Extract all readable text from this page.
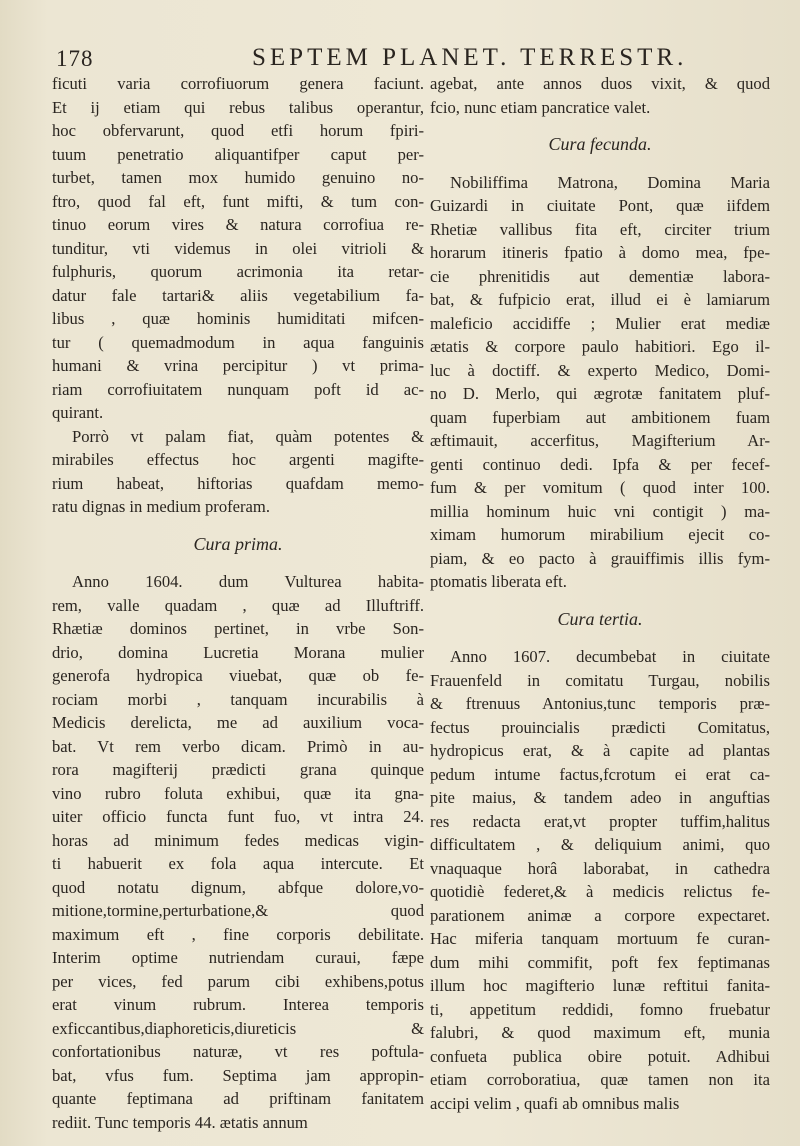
178	SEPTEM PLANET. TERRESTR.
ficuti varia corrofiuorum genera faciunt.
Et ij etiam qui rebus talibus operantur,
hoc obfervarunt, quod etfi horum fpiri-
tuum penetratio aliquantifper caput per-
turbet, tamen mox humido genuino no-
ftro, quod fal eft, funt mifti, & tum con-
tinuo eorum vires & natura corrofiua re-
tunditur, vti videmus in olei vitrioli &
fulphuris, quorum acrimonia ita retar-
datur fale tartari& aliis vegetabilium fa-
libus , quæ hominis humiditati mifcen-
tur ( quemadmodum in aqua fanguinis
humani & vrina percipitur ) vt prima-
riam corrofiuitatem nunquam poft id ac-
quirant.
Porrò vt palam fiat, quàm potentes &
mirabiles effectus hoc argenti magifte-
rium habeat, hiftorias quafdam memo-
ratu dignas in medium proferam.
Cura prima.
Anno 1604. dum Vulturea habita-
rem, valle quadam , quæ ad Illuftriff.
Rhætiæ dominos pertinet, in vrbe Son-
drio, domina Lucretia Morana mulier
generofa hydropica viuebat, quæ ob fe-
rociam morbi , tanquam incurabilis à
Medicis derelicta, me ad auxilium voca-
bat. Vt rem verbo dicam. Primò in au-
rora magifterij prædicti grana quinque
vino rubro foluta exhibui, quæ ita gna-
uiter officio functa funt fuo, vt intra 24.
horas ad minimum fedes medicas vigin-
ti habuerit ex fola aqua intercute. Et
quod notatu dignum, abfque dolore,vo-
mitione,tormine,perturbatione,& quod
maximum eft , fine corporis debilitate.
Interim optime nutriendam curaui, fæpe
per vices, fed parum cibi exhibens,potus
erat vinum rubrum. Interea temporis
exficcantibus,diaphoreticis,diureticis &
confortationibus naturæ, vt res poftula-
bat, vfus fum. Septima jam appropin-
quante feptimana ad priftinam fanitatem
rediit. Tunc temporis 44. ætatis annum
agebat, ante annos duos vixit, & quod
fcio, nunc etiam pancratice valet.
Cura fecunda.
Nobiliffima Matrona, Domina Maria
Guizardi in ciuitate Pont, quæ iifdem
Rhetiæ vallibus fita eft, circiter trium
horarum itineris fpatio à domo mea, fpe-
cie phrenitidis aut dementiæ labora-
bat, & fufpicio erat, illud ei è lamiarum
maleficio accidiffe ; Mulier erat mediæ
ætatis & corpore paulo habitiori. Ego il-
luc à doctiff. & experto Medico, Domi-
no D. Merlo, qui ægrotæ fanitatem pluf-
quam fuperbiam aut ambitionem fuam
æftimauit, accerfitus, Magifterium Ar-
genti continuo dedi. Ipfa & per fecef-
fum & per vomitum ( quod inter 100.
millia hominum huic vni contigit ) ma-
ximam humorum mirabilium ejecit co-
piam, & eo pacto à grauiffimis illis fym-
ptomatis liberata eft.
Cura tertia.
Anno 1607. decumbebat in ciuitate
Frauenfeld in comitatu Turgau, nobilis
& ftrenuus Antonius,tunc temporis præ-
fectus prouincialis prædicti Comitatus,
hydropicus erat, & à capite ad plantas
pedum intume factus,fcrotum ei erat ca-
pite maius, & tandem adeo in anguftias
res redacta erat,vt propter tuffim,halitus
difficultatem , & deliquium animi, quo
vnaquaque horâ laborabat, in cathedra
quotidiè federet,& à medicis relictus fe-
parationem animæ a corpore expectaret.
Hac miferia tanquam mortuum fe curan-
dum mihi commifit, poft fex feptimanas
illum hoc magifterio lunæ reftitui fanita-
ti, appetitum reddidi, fomno fruebatur
falubri, & quod maximum eft, munia
confueta publica obire potuit. Adhibui
etiam corroboratiua, quæ tamen non ita
accipi velim , quafi ab omnibus malis
